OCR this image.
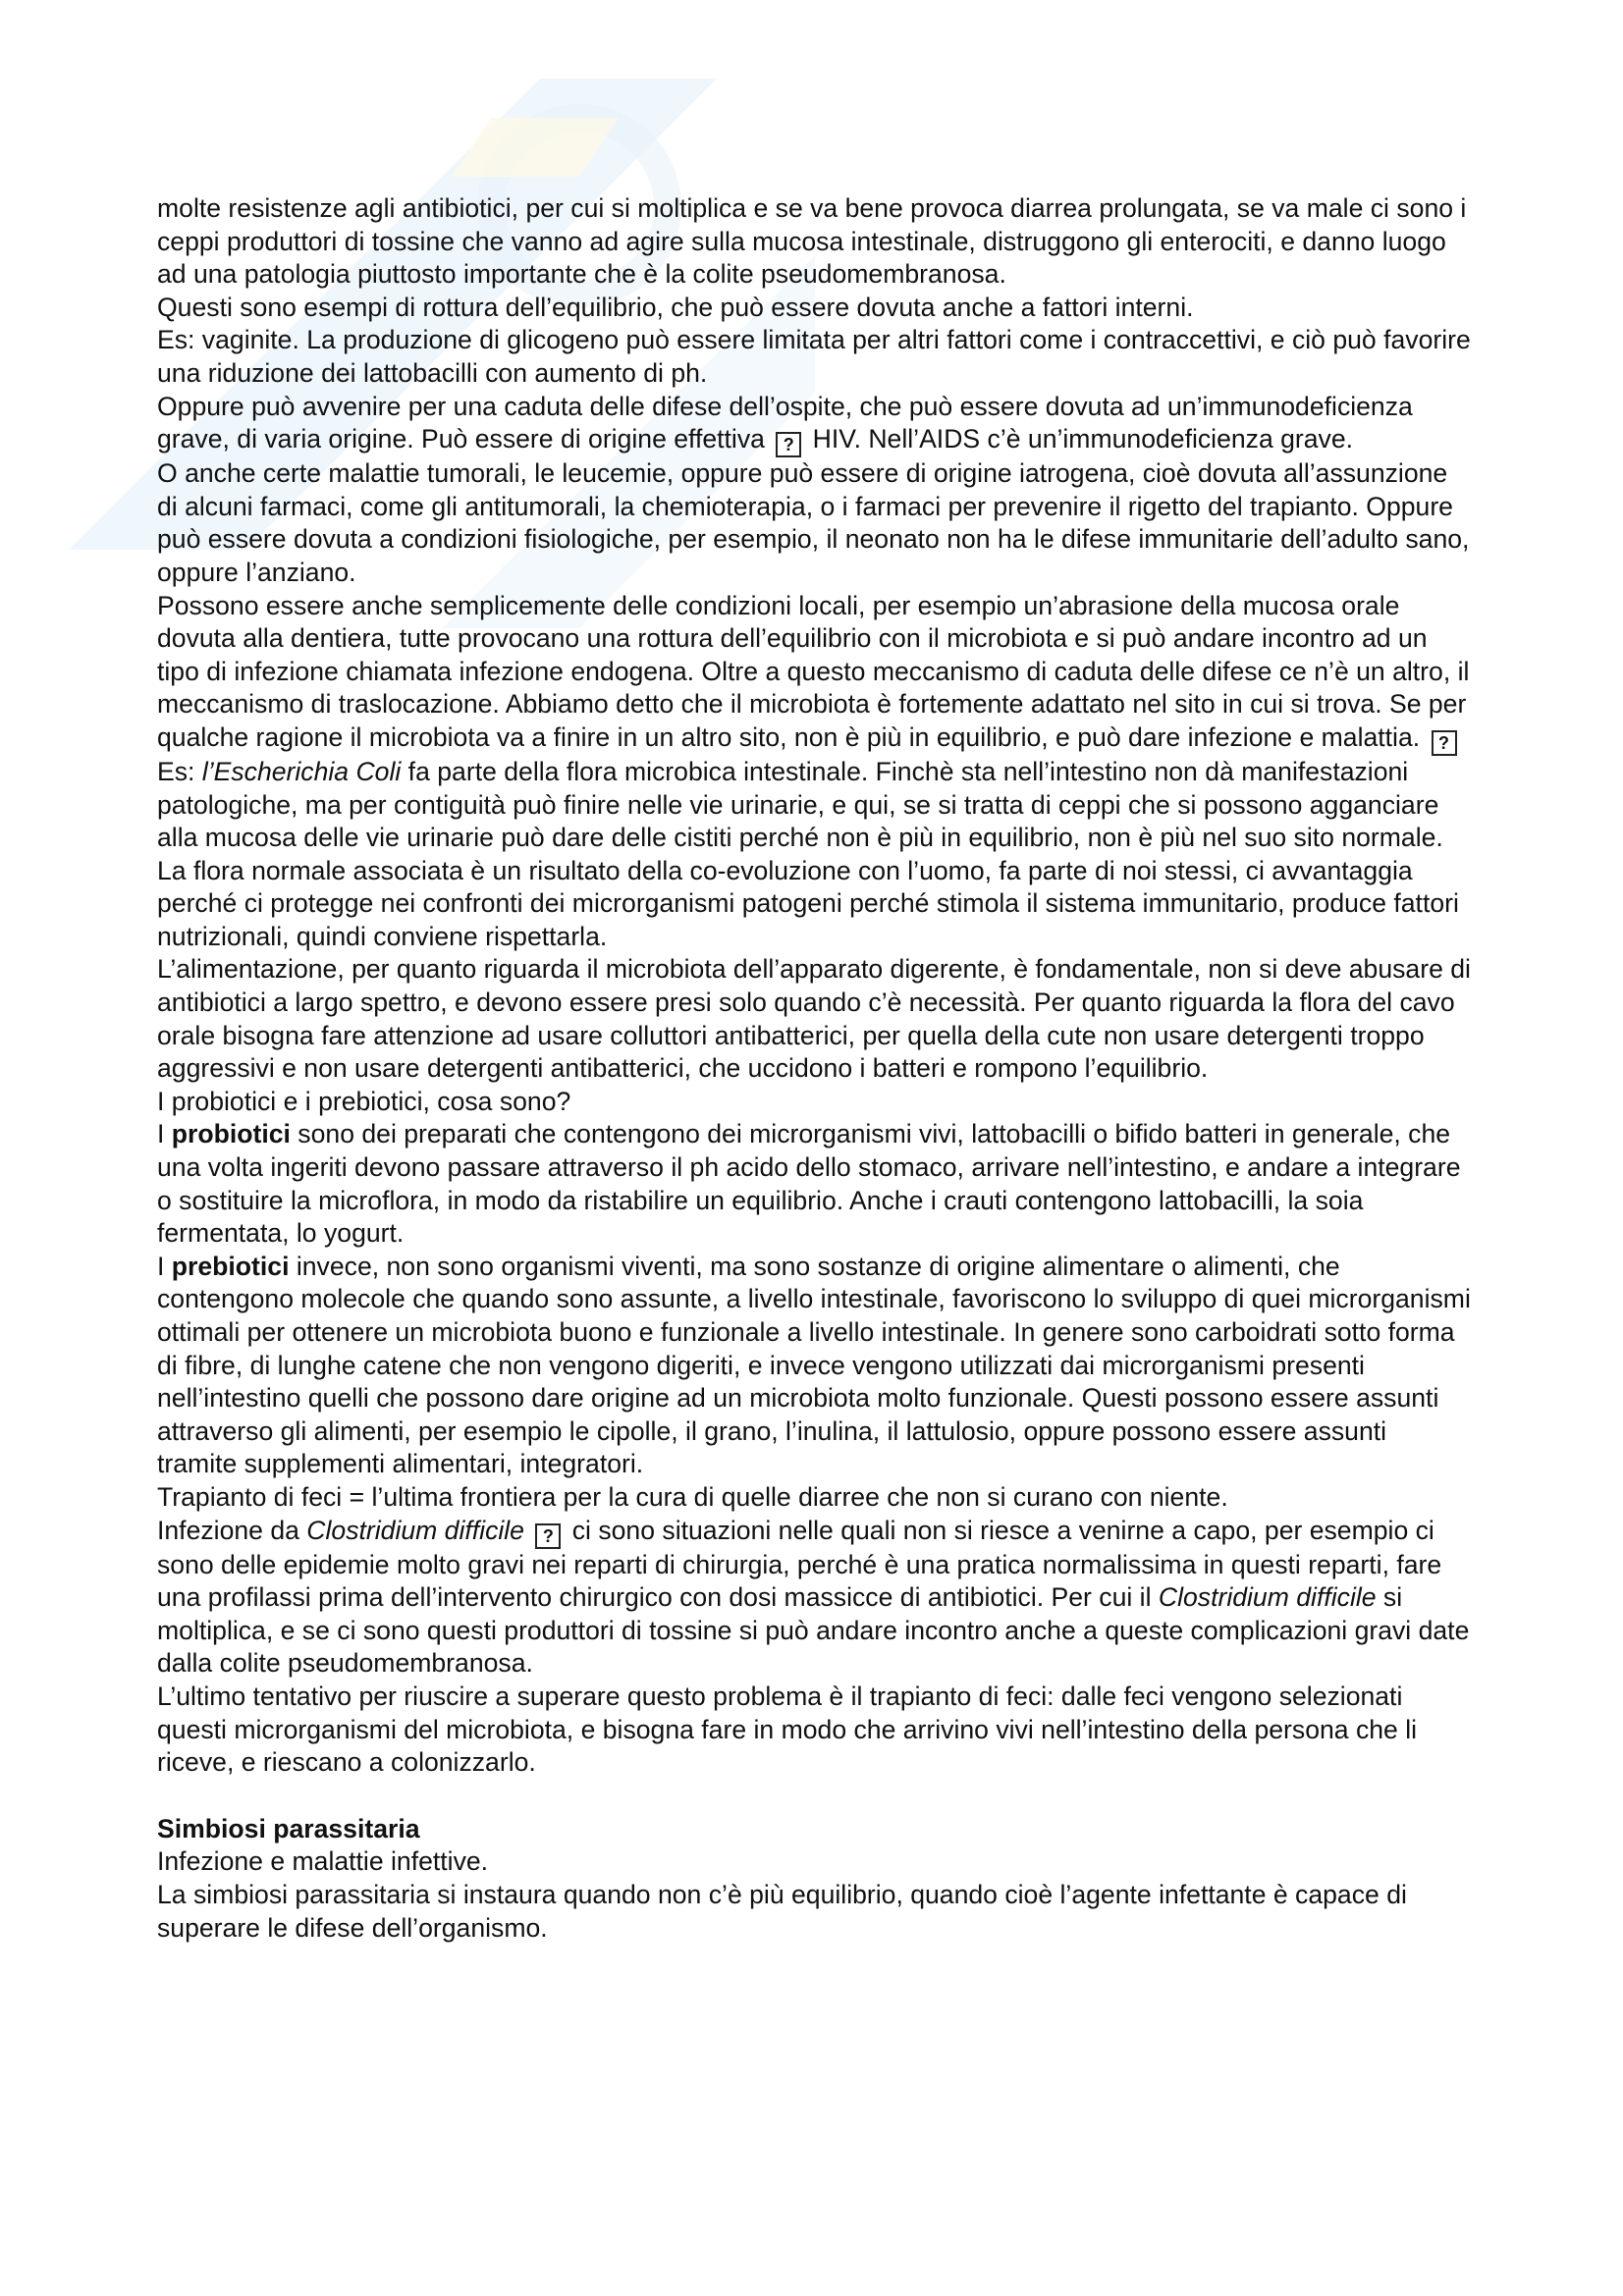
molte resistenze agli antibiotici, per cui si moltiplica e se va bene provoca diarrea prolungata, se va male ci sono i ceppi produttori di tossine che vanno ad agire sulla mucosa intestinale, distruggono gli enterociti, e danno luogo ad una patologia piuttosto importante che è la colite pseudomembranosa.

Questi sono esempi di rottura dell’equilibrio, che può essere dovuta anche a fattori interni.

Es: vaginite. La produzione di glicogeno può essere limitata per altri fattori come i contraccettivi, e ciò può favorire una riduzione dei lattobacilli con aumento di ph.

Oppure può avvenire per una caduta delle difese dell’ospite, che può essere dovuta ad un’immunodeficienza grave, di varia origine. Può essere di origine effettiva ? HIV. Nell’AIDS c’è un’immunodeficienza grave.

O anche certe malattie tumorali, le leucemie, oppure può essere di origine iatrogena, cioè dovuta all’assunzione di alcuni farmaci, come gli antitumorali, la chemioterapia, o i farmaci per prevenire il rigetto del trapianto. Oppure può essere dovuta a condizioni fisiologiche, per esempio, il neonato non ha le difese immunitarie dell’adulto sano, oppure l’anziano.

Possono essere anche semplicemente delle condizioni locali, per esempio un’abrasione della mucosa orale dovuta alla dentiera, tutte provocano una rottura dell’equilibrio con il microbiota e si può andare incontro ad un tipo di infezione chiamata infezione endogena. Oltre a questo meccanismo di caduta delle difese ce n’è un altro, il meccanismo di traslocazione. Abbiamo detto che il microbiota è fortemente adattato nel sito in cui si trova. Se per qualche ragione il microbiota va a finire in un altro sito, non è più in equilibrio, e può dare infezione e malattia. ? Es: l’Escherichia Coli fa parte della flora microbica intestinale. Finchè sta nell’intestino non dà manifestazioni patologiche, ma per contiguità può finire nelle vie urinarie, e qui, se si tratta di ceppi che si possono agganciare alla mucosa delle vie urinarie può dare delle cistiti perché non è più in equilibrio, non è più nel suo sito normale.

La flora normale associata è un risultato della co-evoluzione con l’uomo, fa parte di noi stessi, ci avvantaggia perché ci protegge nei confronti dei microrganismi patogeni perché stimola il sistema immunitario, produce fattori nutrizionali, quindi conviene rispettarla.

L’alimentazione, per quanto riguarda il microbiota dell’apparato digerente, è fondamentale, non si deve abusare di antibiotici a largo spettro, e devono essere presi solo quando c’è necessità. Per quanto riguarda la flora del cavo orale bisogna fare attenzione ad usare colluttori antibatterici, per quella della cute non usare detergenti troppo aggressivi e non usare detergenti antibatterici, che uccidono i batteri e rompono l’equilibrio.

I probiotici e i prebiotici, cosa sono?

I probiotici sono dei preparati che contengono dei microrganismi vivi, lattobacilli o bifido batteri in generale, che una volta ingeriti devono passare attraverso il ph acido dello stomaco, arrivare nell’intestino, e andare a integrare o sostituire la microflora, in modo da ristabilire un equilibrio. Anche i crauti contengono lattobacilli, la soia fermentata, lo yogurt.

I prebiotici invece, non sono organismi viventi, ma sono sostanze di origine alimentare o alimenti, che contengono molecole che quando sono assunte, a livello intestinale, favoriscono lo sviluppo di quei microrganismi ottimali per ottenere un microbiota buono e funzionale a livello intestinale. In genere sono carboidrati sotto forma di fibre, di lunghe catene che non vengono digeriti, e invece vengono utilizzati dai microrganismi presenti nell’intestino quelli che possono dare origine ad un microbiota molto funzionale. Questi possono essere assunti attraverso gli alimenti, per esempio le cipolle, il grano, l’inulina, il lattulosio, oppure possono essere assunti tramite supplementi alimentari, integratori.

Trapianto di feci = l’ultima frontiera per la cura di quelle diarree che non si curano con niente.

Infezione da Clostridium difficile ? ci sono situazioni nelle quali non si riesce a venirne a capo, per esempio ci sono delle epidemie molto gravi nei reparti di chirurgia, perché è una pratica normalissima in questi reparti, fare una profilassi prima dell’intervento chirurgico con dosi massicce di antibiotici. Per cui il Clostridium difficile si moltiplica, e se ci sono questi produttori di tossine si può andare incontro anche a queste complicazioni gravi date dalla colite pseudomembranosa.

L’ultimo tentativo per riuscire a superare questo problema è il trapianto di feci: dalle feci vengono selezionati questi microrganismi del microbiota, e bisogna fare in modo che arrivino vivi nell’intestino della persona che li riceve, e riescano a colonizzarlo.

Simbiosi parassitaria

Infezione e malattie infettive.

La simbiosi parassitaria si instaura quando non c’è più equilibrio, quando cioè l’agente infettante è capace di superare le difese dell’organismo.
